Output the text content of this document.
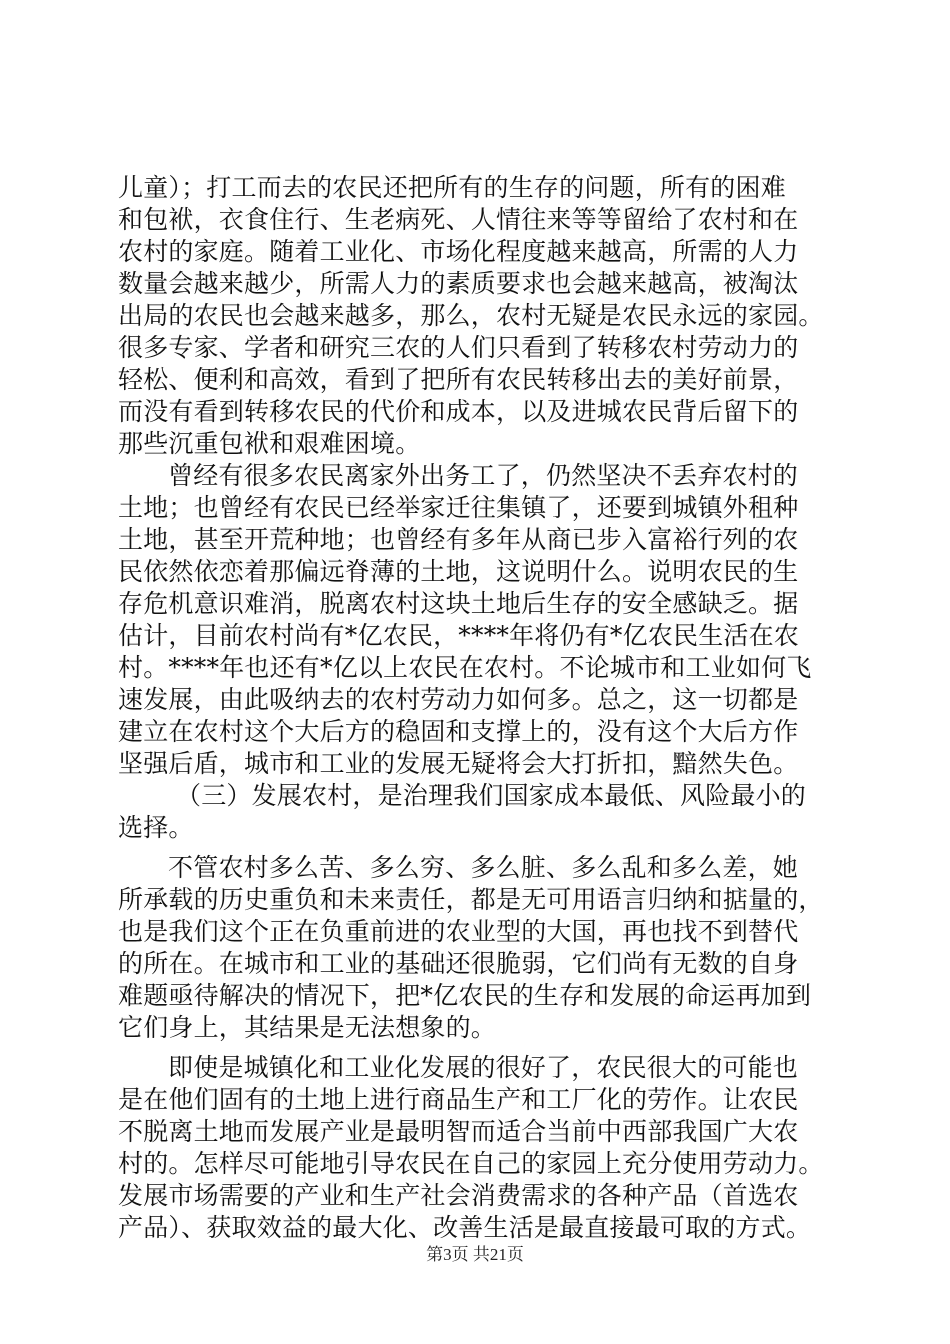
儿童）；打工而去的农民还把所有的生存的问题，所有的困难
和包袱，衣食住行、生老病死、人情往来等等留给了农村和在
农村的家庭。随着工业化、市场化程度越来越高，所需的人力
数量会越来越少，所需人力的素质要求也会越来越高，被淘汰
出局的农民也会越来越多，那么，农村无疑是农民永远的家园。
很多专家、学者和研究三农的人们只看到了转移农村劳动力的
轻松、便利和高效，看到了把所有农民转移出去的美好前景，
而没有看到转移农民的代价和成本，以及进城农民背后留下的
那些沉重包袱和艰难困境。
曾经有很多农民离家外出务工了，仍然坚决不丢弃农村的
土地；也曾经有农民已经举家迁往集镇了，还要到城镇外租种
土地，甚至开荒种地；也曾经有多年从商已步入富裕行列的农
民依然依恋着那偏远脊薄的土地，这说明什么。说明农民的生
存危机意识难消，脱离农村这块土地后生存的安全感缺乏。据
估计，目前农村尚有*亿农民，****年将仍有*亿农民生活在农
村。****年也还有*亿以上农民在农村。不论城市和工业如何飞
速发展，由此吸纳去的农村劳动力如何多。总之，这一切都是
建立在农村这个大后方的稳固和支撑上的，没有这个大后方作
坚强后盾，城市和工业的发展无疑将会大打折扣，黯然失色。
（三）发展农村，是治理我们国家成本最低、风险最小的
选择。
不管农村多么苦、多么穷、多么脏、多么乱和多么差，她
所承载的历史重负和未来责任，都是无可用语言归纳和掂量的，
也是我们这个正在负重前进的农业型的大国，再也找不到替代
的所在。在城市和工业的基础还很脆弱，它们尚有无数的自身
难题亟待解决的情况下，把*亿农民的生存和发展的命运再加到
它们身上，其结果是无法想象的。
即使是城镇化和工业化发展的很好了，农民很大的可能也
是在他们固有的土地上进行商品生产和工厂化的劳作。让农民
不脱离土地而发展产业是最明智而适合当前中西部我国广大农
村的。怎样尽可能地引导农民在自己的家园上充分使用劳动力。
发展市场需要的产业和生产社会消费需求的各种产品（首选农
产品）、获取效益的最大化、改善生活是最直接最可取的方式。
第3页 共21页
